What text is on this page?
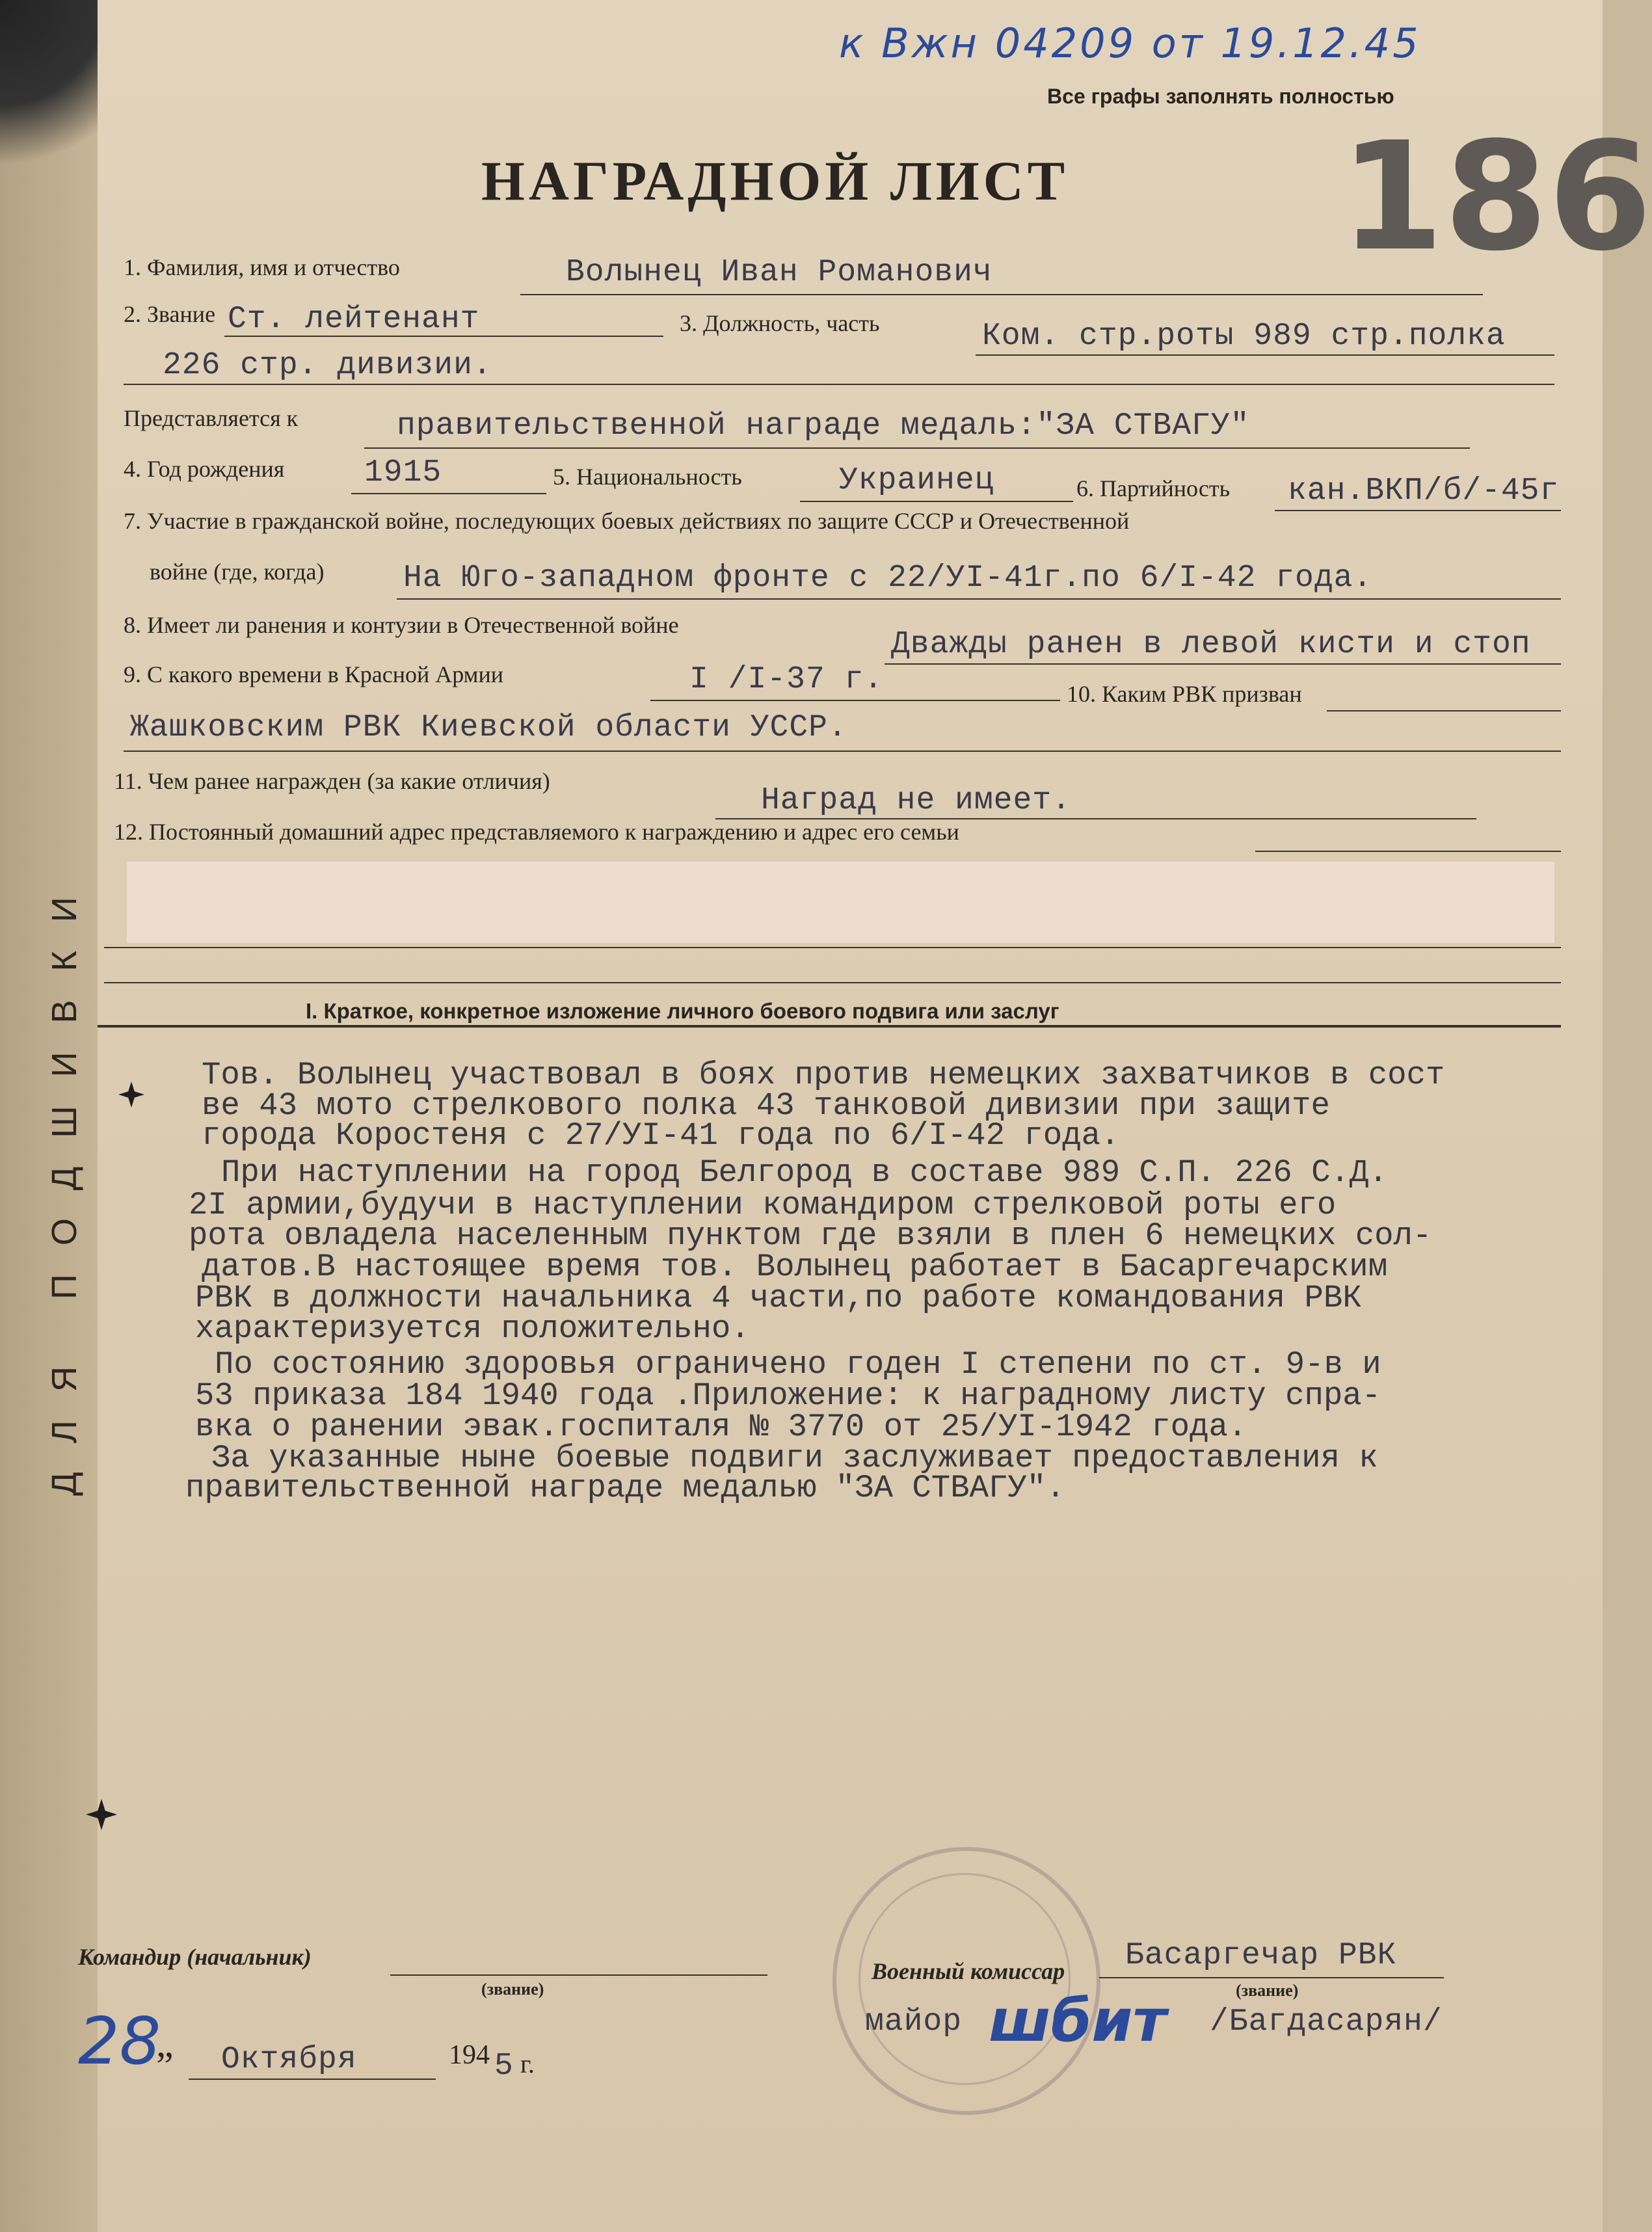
к Вжн 04209 от 19.12.45
Все графы заполнять полностью
186
НАГРАДНОЙ ЛИСТ
ДЛЯ ПОДШИВКИ
1. Фамилия, имя и отчество	Волынец Иван Романович
2. Звание Ст. лейтенант	3. Должность, часть	Ком. стр.роты 989 стр.полка
226 стр. дивизии.
Представляется к	правительственной награде медаль:"ЗА СТВАГУ"
4. Год рождения	1915	5. Национальность	Украинец	6. Партийность кан.ВКП/б/-45г
7. Участие в гражданской войне, последующих боевых действиях по защите СССР и Отечественной
войне (где, когда)	На Юго-западном фронте с 22/УI-41г.по 6/I-42 года.
8. Имеет ли ранения и контузии в Отечественной войне
Дважды ранен в левой кисти и стоп
9. С какого времени в Красной Армии	I /I-37 г.	10. Каким РВК призван
Жашковским РВК Киевской области УССР.
11. Чем ранее награжден (за какие отличия)
Наград не имеет.
12. Постоянный домашний адрес представляемого к награждению и адрес его семьи
I. Краткое, конкретное изложение личного боевого подвига или заслуг
Тов. Волынец участвовал в боях против немецких захватчиков в сост
ве 43 мото стрелкового полка 43 танковой дивизии при защите
города Коростеня с 27/УI-41 года по 6/I-42 года.
При наступлении на город Белгород в составе 989 С.П. 226 С.Д.
2I армии,будучи в наступлении командиром стрелковой роты его
рота овладела населенным пунктом где взяли в плен 6 немецких сол-
датов.В настоящее время тов. Волынец работает в Басаргечарским
РВК в должности начальника 4 части,по работе командования РВК
характеризуется положительно.
По состоянию здоровья ограничено годен I степени по ст. 9-в и
53 приказа 184 1940 года .Приложение: к наградному листу спра-
вка о ранении эвак.госпиталя № 3770 от 25/УI-1942 года.
За указанные ныне боевые подвиги заслуживает предоставления к
правительственной награде медалью "ЗА СТВАГУ".
Командир (начальник)
(звание)
Басаргечар РВК
Военный комиссар
(звание)
майор	/Багдасарян/
шбит
28
„ Октября	194 5 г.
